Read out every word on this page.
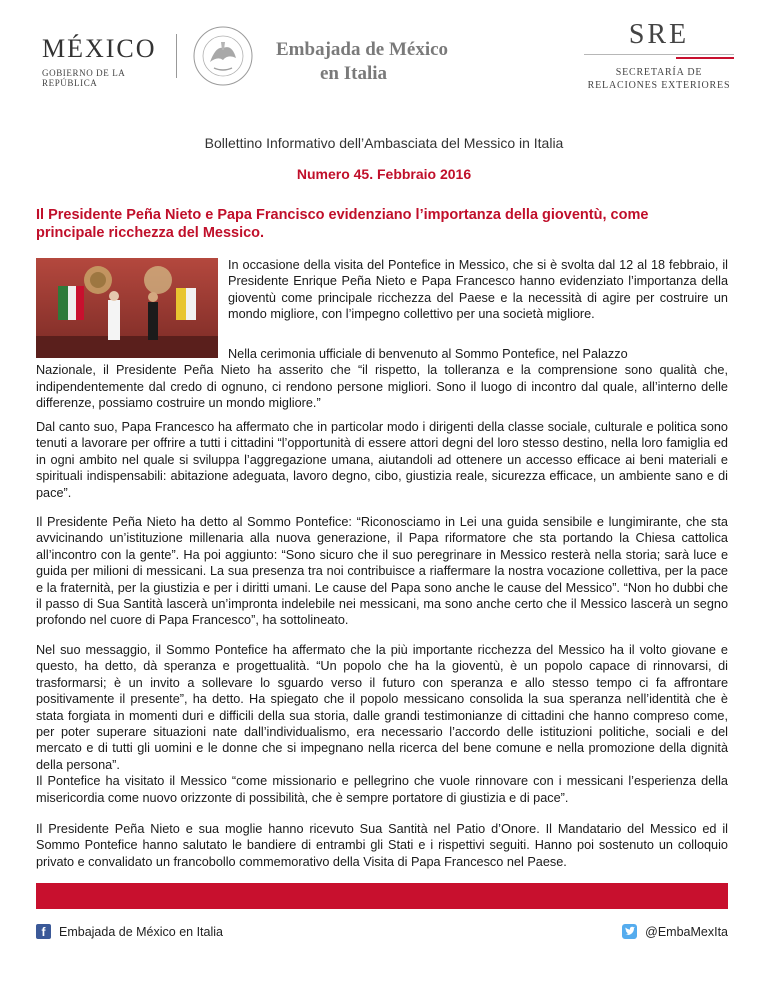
MÉXICO
GOBIERNO DE LA REPÚBLICA
Embajada de México
en Italia
SRE
SECRETARÍA DE
RELACIONES EXTERIORES
Bollettino Informativo dell’Ambasciata del Messico in Italia
Numero 45. Febbraio 2016
Il Presidente Peña Nieto e Papa Francisco evidenziano l’importanza della gioventù, come principale ricchezza del Messico.
In occasione della visita del Pontefice in Messico, che si è svolta dal 12 al 18 febbraio, il Presidente Enrique Peña Nieto e Papa Francesco hanno evidenziato l’importanza della gioventù come principale ricchezza del Paese e la necessità di agire per costruire un mondo migliore, con l’impegno collettivo per una società migliore.
Nella cerimonia ufficiale di benvenuto al Sommo Pontefice, nel Palazzo
Nazionale, il Presidente Peña Nieto ha asserito che “il rispetto, la tolleranza e la comprensione sono qualità che, indipendentemente dal credo di ognuno, ci rendono persone migliori. Sono il luogo di incontro dal quale, all’interno delle differenze, possiamo costruire un mondo migliore.”
Dal canto suo, Papa Francesco ha affermato che in particolar modo i dirigenti della classe sociale, culturale e politica sono tenuti a lavorare per offrire a tutti i cittadini “l’opportunità di essere attori degni del loro stesso destino, nella loro famiglia ed in ogni ambito nel quale si sviluppa l’aggregazione umana, aiutandoli ad ottenere un accesso efficace ai beni materiali e spirituali indispensabili: abitazione adeguata, lavoro degno, cibo, giustizia reale, sicurezza efficace, un ambiente sano e di pace”.
Il Presidente Peña Nieto ha detto al Sommo Pontefice: “Riconosciamo in Lei una guida sensibile e lungimirante, che sta avvicinando un’istituzione millenaria alla nuova generazione, il Papa riformatore che sta portando la Chiesa cattolica all’incontro con la gente”. Ha poi aggiunto: “Sono sicuro che il suo peregrinare in Messico resterà nella storia; sarà luce e guida per milioni di messicani. La sua presenza tra noi contribuisce a riaffermare la nostra vocazione collettiva, per la pace e la fraternità, per la giustizia e per i diritti umani. Le cause del Papa sono anche le cause del Messico”. “Non ho dubbi che il passo di Sua Santità lascerà un’impronta indelebile nei messicani, ma sono anche certo che il Messico lascerà un segno profondo nel cuore di Papa Francesco”, ha sottolineato.
Nel suo messaggio, il Sommo Pontefice ha affermato che la più importante ricchezza del Messico ha il volto giovane e questo, ha detto, dà speranza e progettualità. “Un popolo che ha la gioventù, è un popolo capace di rinnovarsi, di trasformarsi; è un invito a sollevare lo sguardo verso il futuro con speranza e allo stesso tempo ci fa affrontare positivamente il presente”, ha detto. Ha spiegato che il popolo messicano consolida la sua speranza nell’identità che è stata forgiata in momenti duri e difficili della sua storia, dalle grandi testimonianze di cittadini che hanno compreso come, per poter superare situazioni nate dall’individualismo, era necessario l’accordo delle istituzioni politiche, sociali e del mercato e di tutti gli uomini e le donne che si impegnano nella ricerca del bene comune e nella promozione della dignità della persona”.
Il Pontefice ha visitato il Messico “come missionario e pellegrino che vuole rinnovare con i messicani l’esperienza della misericordia come nuovo orizzonte di possibilità, che è sempre portatore di giustizia e di pace”.
Il Presidente Peña Nieto e sua moglie hanno ricevuto Sua Santità nel Patio d’Onore. Il Mandatario del Messico ed il Sommo Pontefice hanno salutato le bandiere di entrambi gli Stati e i rispettivi seguiti. Hanno poi sostenuto un colloquio privato e convalidato un francobollo commemorativo della Visita di Papa Francesco nel Paese.
f	Embajada de México en Italia	@EmbaMexIta
